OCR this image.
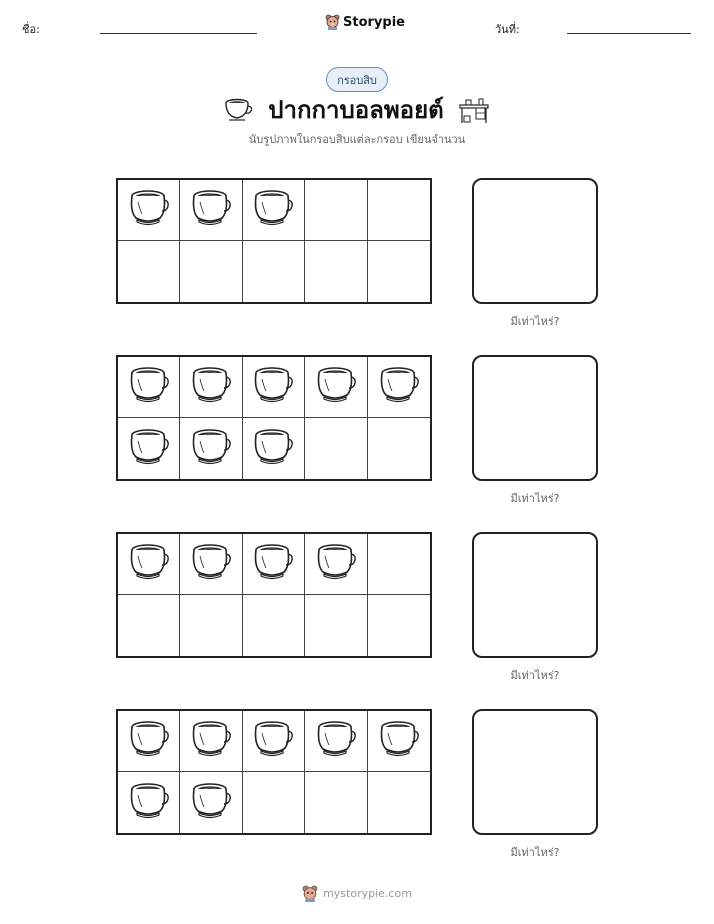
ชื่อ:	Storypie	วันที่:
กรอบสิบ
ปากกาบอลพอยต์
นับรูปภาพในกรอบสิบแต่ละกรอบ เขียนจำนวน
มีเท่าไหร่?
มีเท่าไหร่?
มีเท่าไหร่?
มีเท่าไหร่?
mystorypie.com
